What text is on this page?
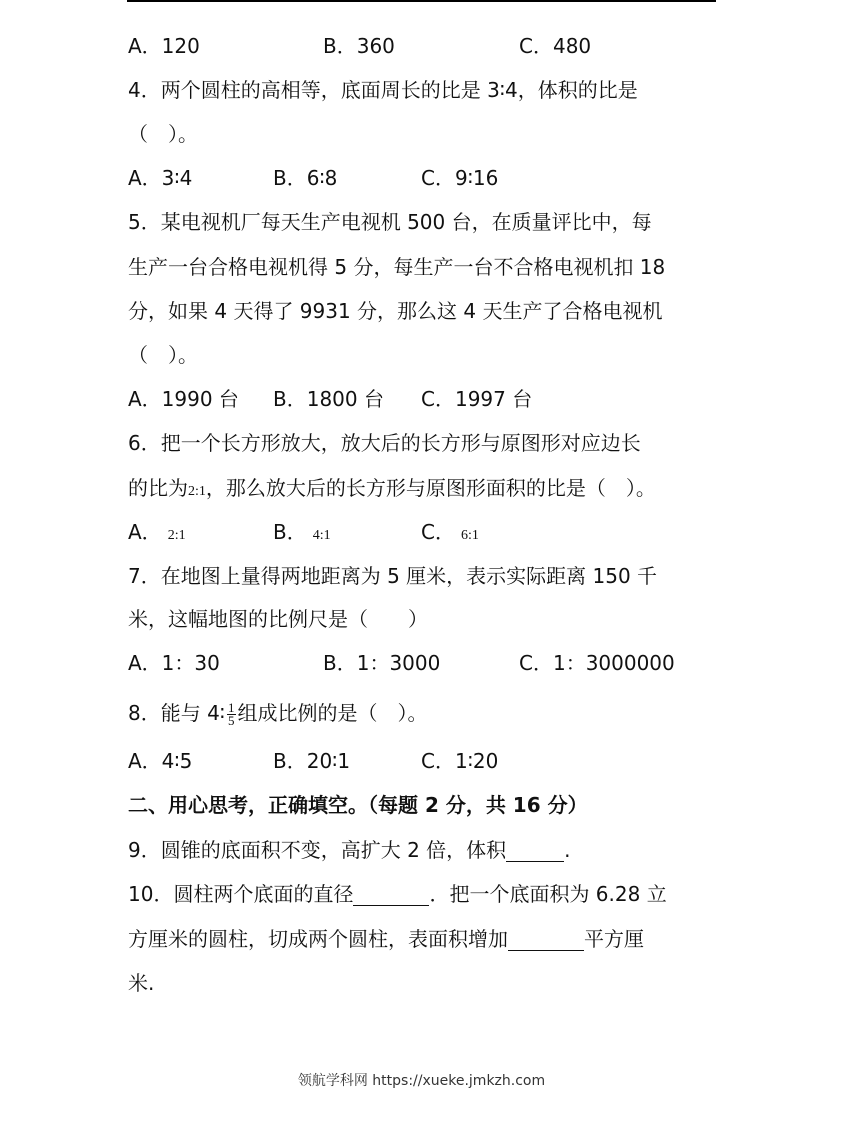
A．120	B．360	C．480
4．两个圆柱的高相等，底面周长的比是 3∶4，体积的比是
（　）。
A．3∶4	B．6∶8	C．9∶16
5．某电视机厂每天生产电视机 500 台，在质量评比中，每
生产一台合格电视机得 5 分，每生产一台不合格电视机扣 18
分，如果 4 天得了 9931 分，那么这 4 天生产了合格电视机
（　）。
A．1990 台 B．1800 台 C．1997 台
6．把一个长方形放大，放大后的长方形与原图形对应边长
的比为2:1，那么放大后的长方形与原图形面积的比是（　）。
A． 2:1	B． 4:1	C． 6:1
7．在地图上量得两地距离为 5 厘米，表示实际距离 150 千
米，这幅地图的比例尺是（　　）
A．1：30	B．1：3000	C．1：3000000
8．能与 4∶ $\frac{1}{5}$ 组成比例的是（　）。
A．4∶5	B．20∶1	C．1∶20
二、用心思考，正确填空。（每题 2 分，共 16 分）
9．圆锥的底面积不变，高扩大 2 倍，体积	.
10．圆柱两个底面的直径	．把一个底面积为 6.28 立
方厘米的圆柱，切成两个圆柱，表面积增加	平方厘
米.
领航学科网 https://xueke.jmkzh.com
